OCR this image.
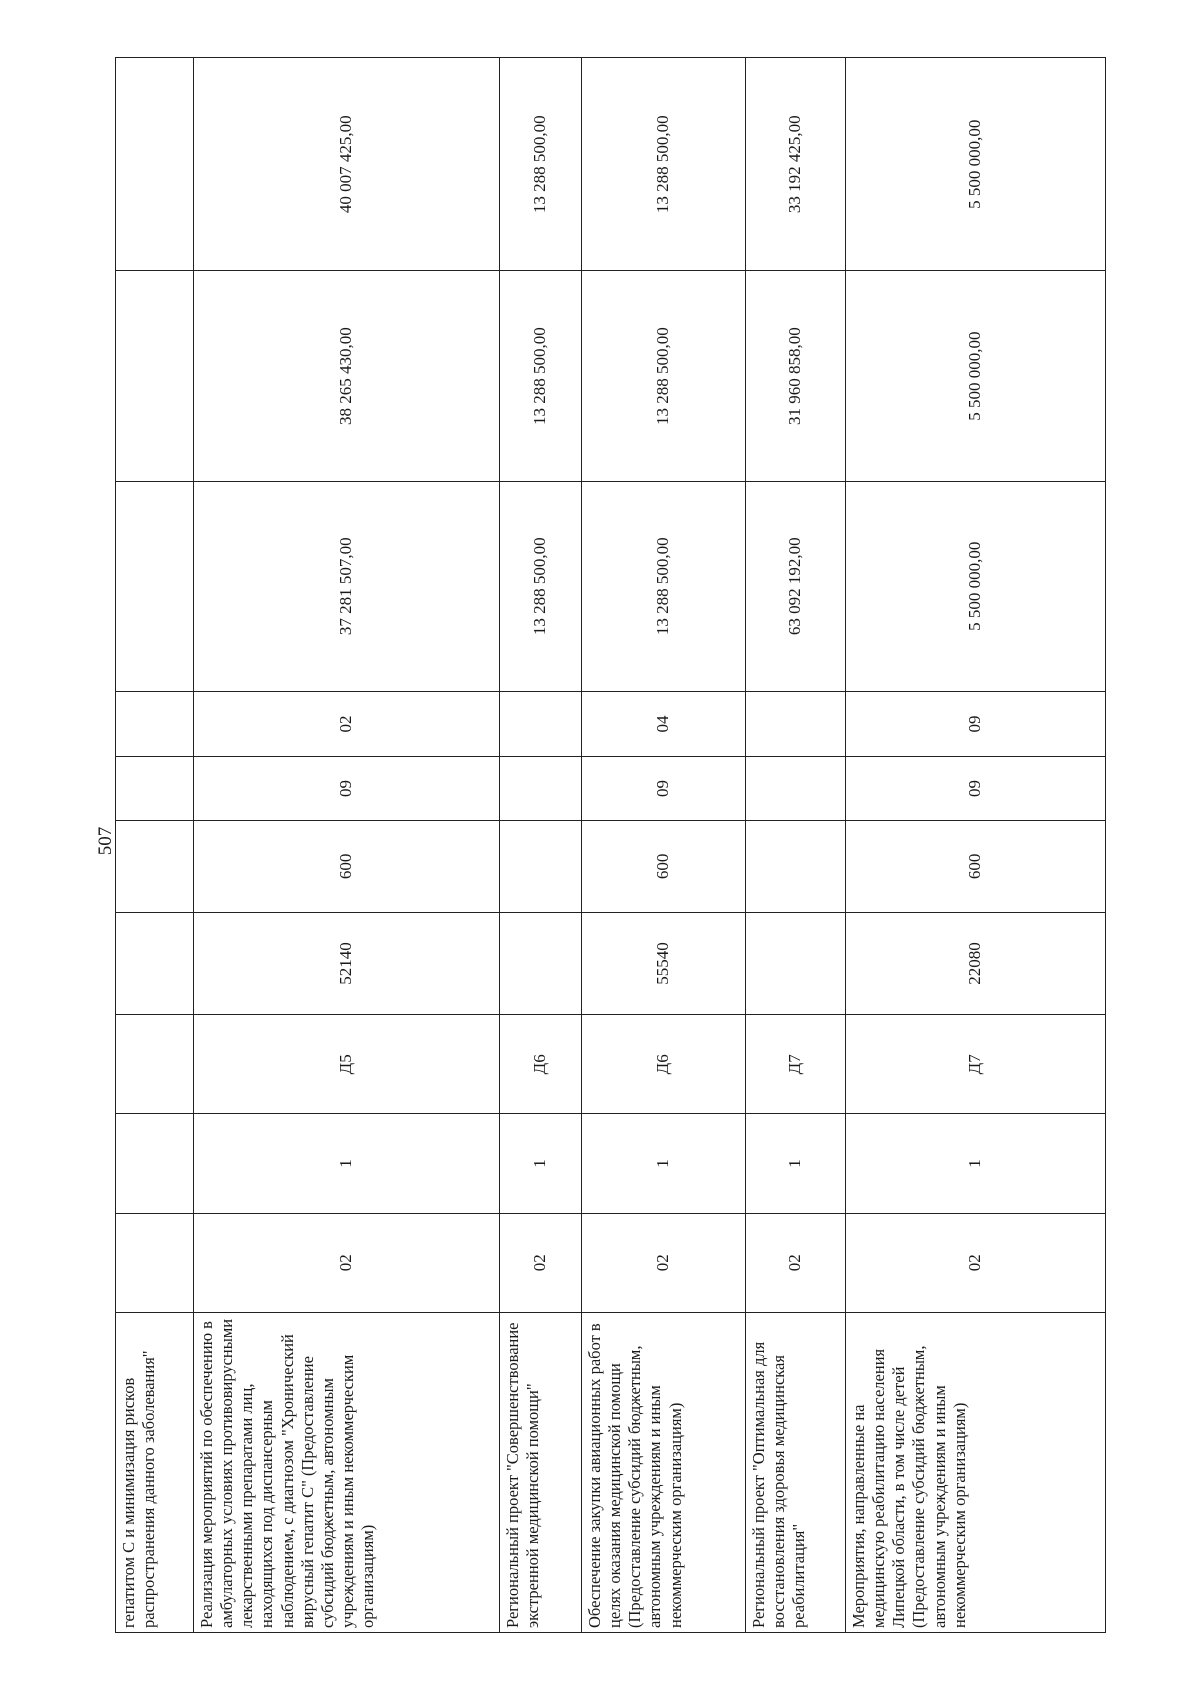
507
гепатитом С и минимизация рисков распространения данного заболевания"										
Реализация мероприятий по обеспечению в амбулаторных условиях противовирусными лекарственными препаратами лиц, находящихся под диспансерным наблюдением, с диагнозом "Хронический вирусный гепатит С" (Предоставление субсидий бюджетным, автономным учреждениям и иным некоммерческим организациям)	02	1	Д5	52140	600	09	02	37 281 507,00	38 265 430,00	40 007 425,00
Региональный проект "Совершенствование экстренной медицинской помощи"	02	1	Д6					13 288 500,00	13 288 500,00	13 288 500,00
Обеспечение закупки авиационных работ в целях оказания медицинской помощи (Предоставление субсидий бюджетным, автономным учреждениям и иным некоммерческим организациям)	02	1	Д6	55540	600	09	04	13 288 500,00	13 288 500,00	13 288 500,00
Региональный проект "Оптимальная для восстановления здоровья медицинская реабилитация"	02	1	Д7					63 092 192,00	31 960 858,00	33 192 425,00
Мероприятия, направленные на медицинскую реабилитацию населения Липецкой области, в том числе детей (Предоставление субсидий бюджетным, автономным учреждениям и иным некоммерческим организациям)	02	1	Д7	22080	600	09	09	5 500 000,00	5 500 000,00	5 500 000,00
